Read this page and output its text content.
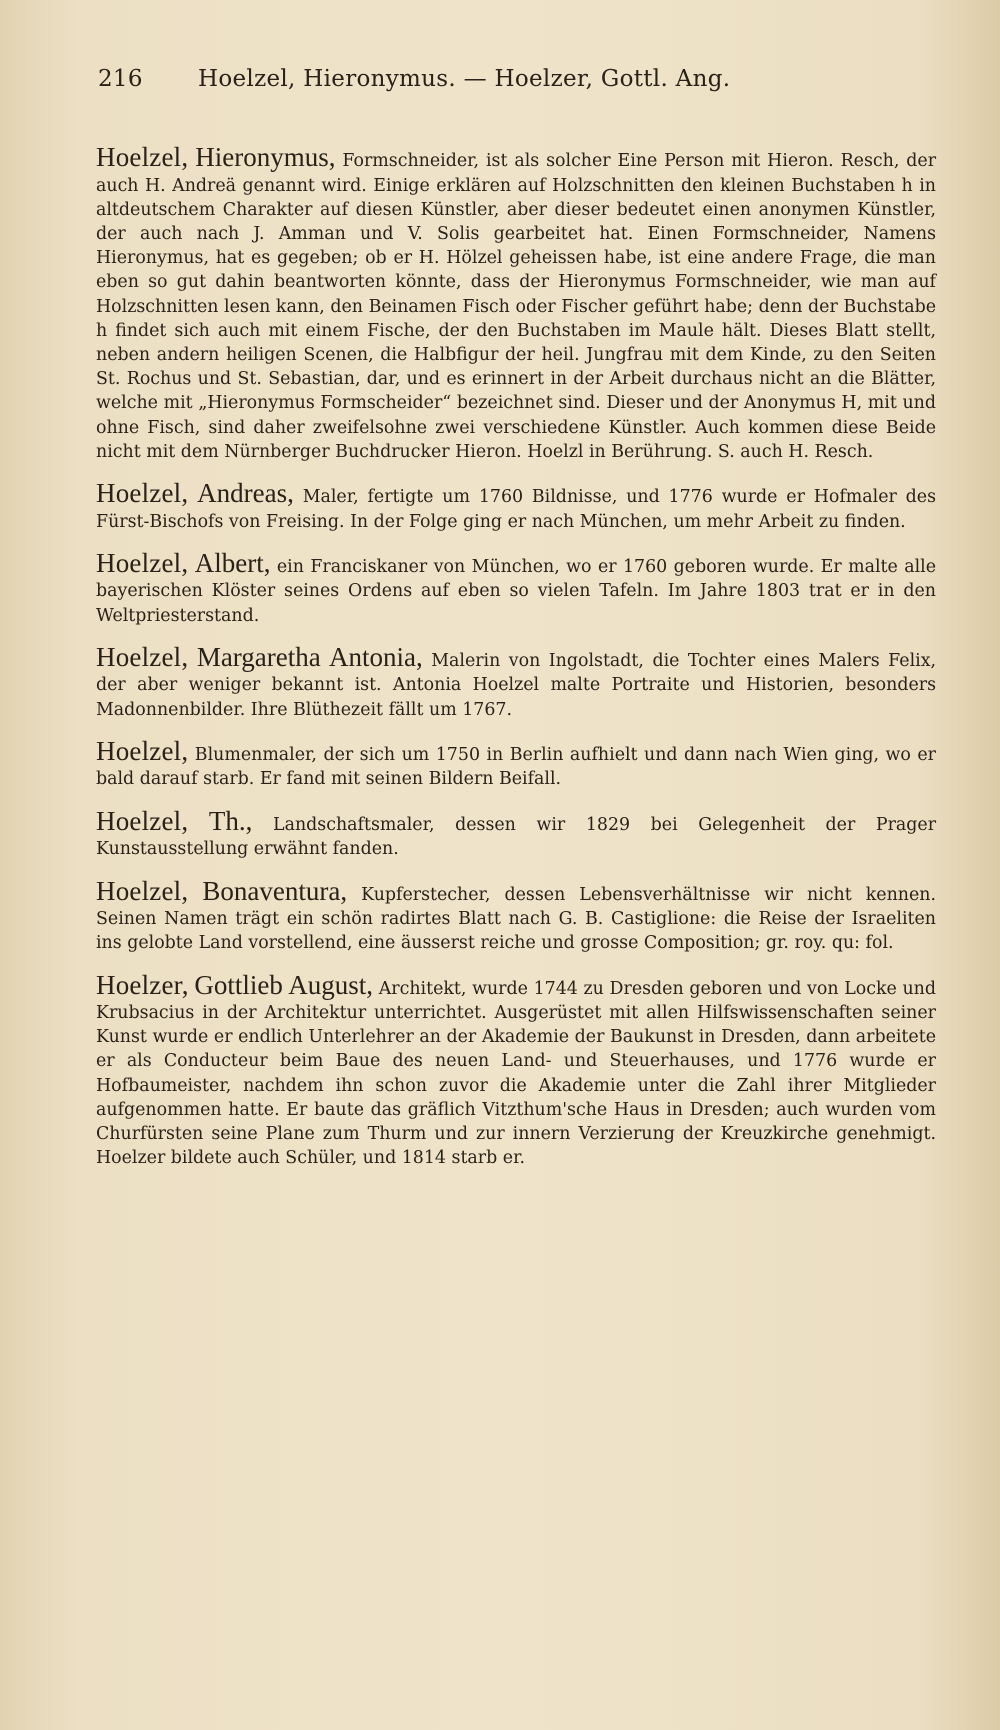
216 Hoelzel, Hieronymus. — Hoelzer, Gottl. Ang.

Hoelzel, Hieronymus, Formschneider, ist als solcher Eine Person mit Hieron. Resch, der auch H. Andreä genannt wird. Einige erklären auf Holzschnitten den kleinen Buchstaben h in altdeutschem Charakter auf diesen Künstler, aber dieser bedeutet einen anonymen Künstler, der auch nach J. Amman und V. Solis gearbeitet hat. Einen Formschneider, Namens Hieronymus, hat es gegeben; ob er H. Hölzel geheissen habe, ist eine andere Frage, die man eben so gut dahin beantworten könnte, dass der Hieronymus Formschneider, wie man auf Holzschnitten lesen kann, den Beinamen Fisch oder Fischer geführt habe; denn der Buchstabe h findet sich auch mit einem Fische, der den Buchstaben im Maule hält. Dieses Blatt stellt, neben andern heiligen Scenen, die Halbfigur der heil. Jungfrau mit dem Kinde, zu den Seiten St. Rochus und St. Sebastian, dar, und es erinnert in der Arbeit durchaus nicht an die Blätter, welche mit „Hieronymus Formscheider“ bezeichnet sind. Dieser und der Anonymus H, mit und ohne Fisch, sind daher zweifelsohne zwei verschiedene Künstler. Auch kommen diese Beide nicht mit dem Nürnberger Buchdrucker Hieron. Hoelzl in Berührung. S. auch H. Resch.

Hoelzel, Andreas, Maler, fertigte um 1760 Bildnisse, und 1776 wurde er Hofmaler des Fürst-Bischofs von Freising. In der Folge ging er nach München, um mehr Arbeit zu finden.

Hoelzel, Albert, ein Franciskaner von München, wo er 1760 geboren wurde. Er malte alle bayerischen Klöster seines Ordens auf eben so vielen Tafeln. Im Jahre 1803 trat er in den Weltpriesterstand.

Hoelzel, Margaretha Antonia, Malerin von Ingolstadt, die Tochter eines Malers Felix, der aber weniger bekannt ist. Antonia Hoelzel malte Portraite und Historien, besonders Madonnenbilder. Ihre Blüthezeit fällt um 1767.

Hoelzel, Blumenmaler, der sich um 1750 in Berlin aufhielt und dann nach Wien ging, wo er bald darauf starb. Er fand mit seinen Bildern Beifall.

Hoelzel, Th., Landschaftsmaler, dessen wir 1829 bei Gelegenheit der Prager Kunstausstellung erwähnt fanden.

Hoelzel, Bonaventura, Kupferstecher, dessen Lebensverhältnisse wir nicht kennen. Seinen Namen trägt ein schön radirtes Blatt nach G. B. Castiglione: die Reise der Israeliten ins gelobte Land vorstellend, eine äusserst reiche und grosse Composition; gr. roy. qu: fol.

Hoelzer, Gottlieb August, Architekt, wurde 1744 zu Dresden geboren und von Locke und Krubsacius in der Architektur unterrichtet. Ausgerüstet mit allen Hilfswissenschaften seiner Kunst wurde er endlich Unterlehrer an der Akademie der Baukunst in Dresden, dann arbeitete er als Conducteur beim Baue des neuen Land- und Steuerhauses, und 1776 wurde er Hofbaumeister, nachdem ihn schon zuvor die Akademie unter die Zahl ihrer Mitglieder aufgenommen hatte. Er baute das gräflich Vitzthum'sche Haus in Dresden; auch wurden vom Churfürsten seine Plane zum Thurm und zur innern Verzierung der Kreuzkirche genehmigt. Hoelzer bildete auch Schüler, und 1814 starb er.
